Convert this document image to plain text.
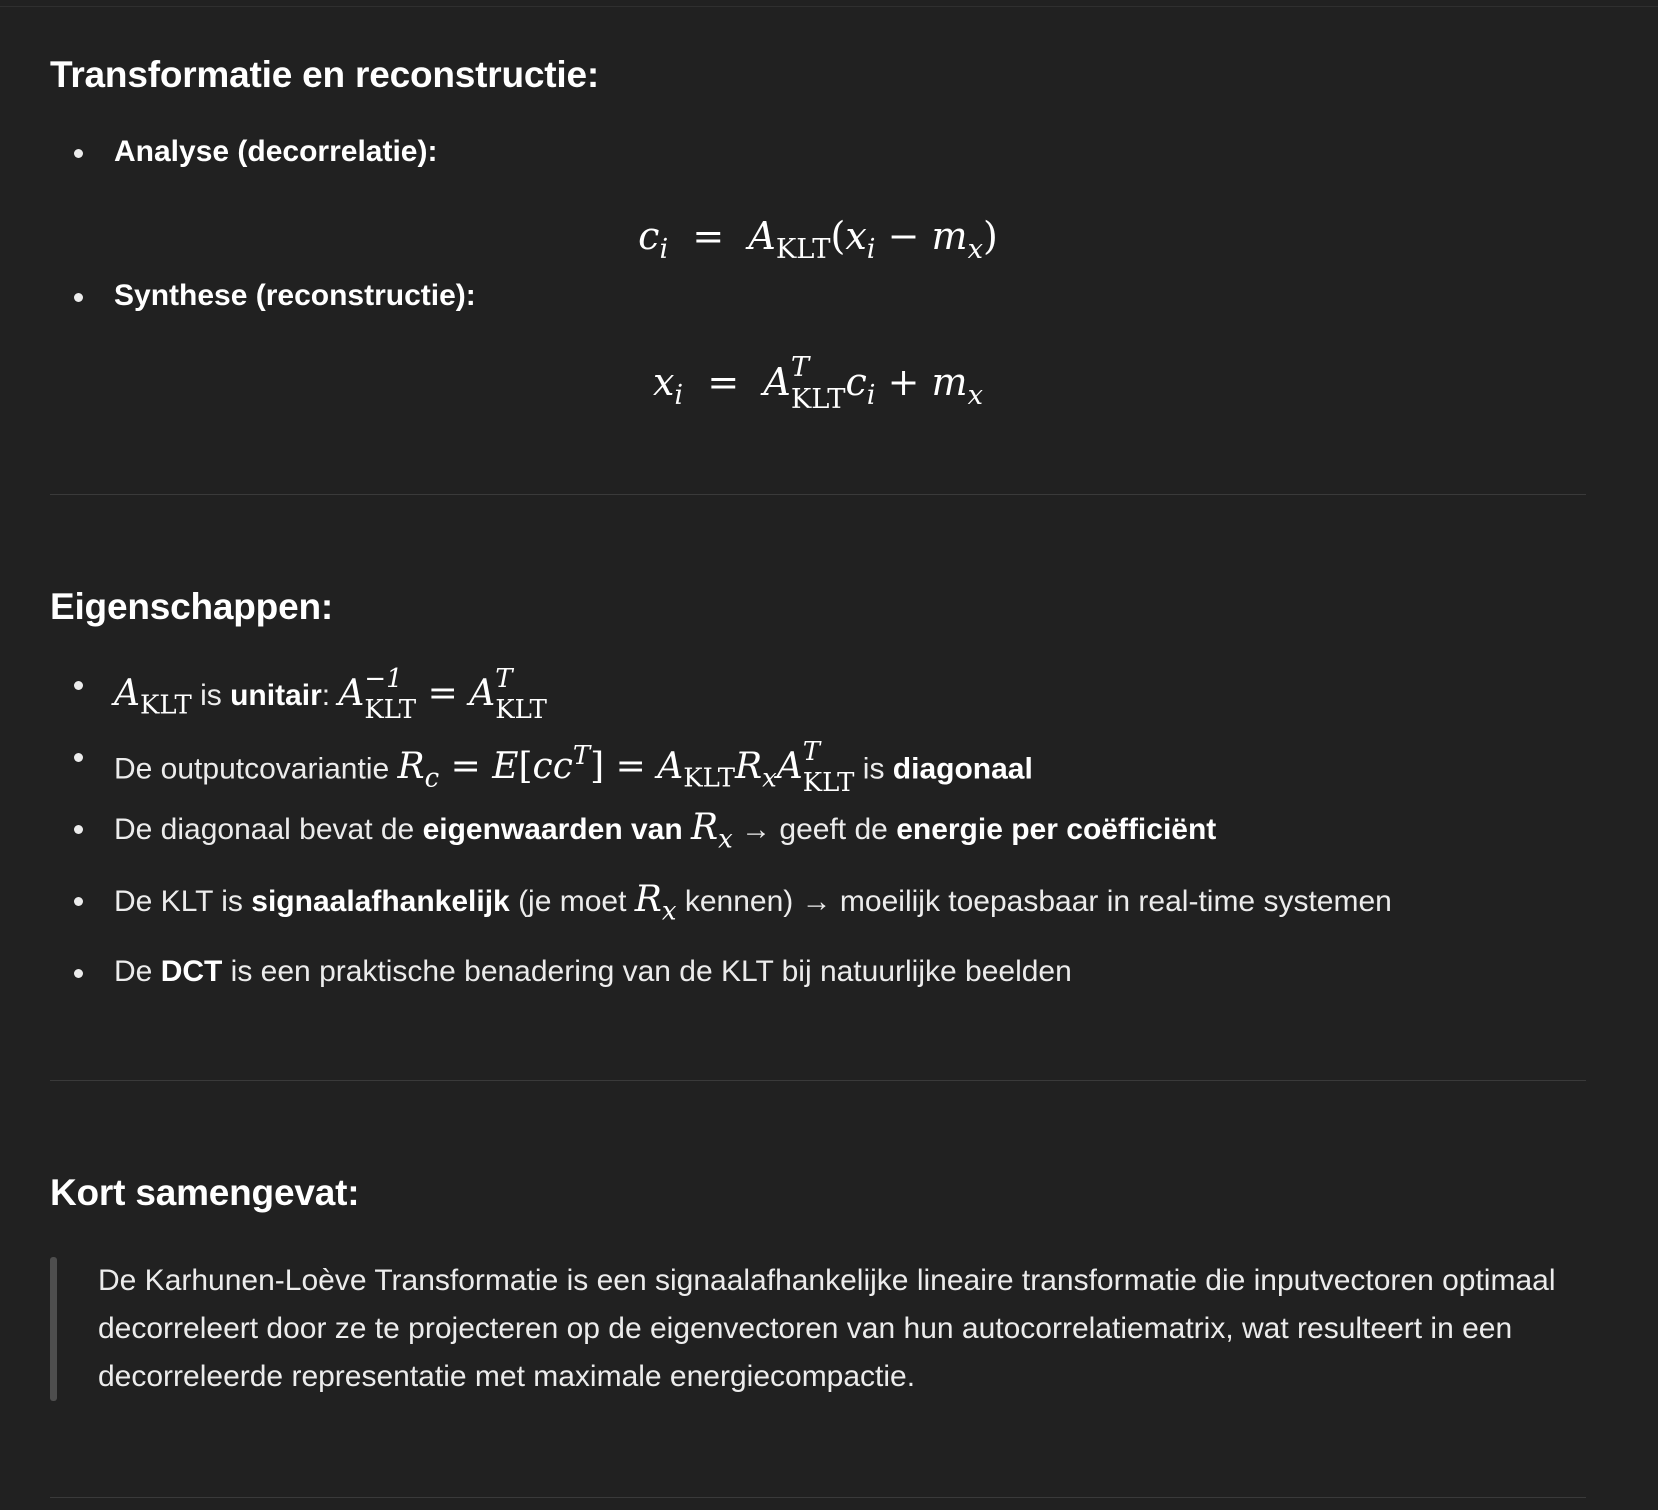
Transformatie en reconstructie:
Analyse (decorrelatie):
$c_i = A_{KLT}(x_i - m_x)$
Synthese (reconstructie):
$x_i = A$ T
KLT $c_i + m_x$
Eigenschappen:
$A_{KLT}$ is unitair: A −1
KLT = A T
KLT
De outputcovariantie $R_c = E[cc^T] = A_{KLT}R_xA$ T
KLT is diagonaal
De diagonaal bevat de eigenwaarden van $R_x$ → geeft de energie per coëfficiënt
De KLT is signaalafhankelijk (je moet $R_x$ kennen) → moeilijk toepasbaar in real-time systemen
De DCT is een praktische benadering van de KLT bij natuurlijke beelden
Kort samengevat:
De Karhunen-Loève Transformatie is een signaalafhankelijke lineaire transformatie die inputvectoren optimaal decorreleert door ze te projecteren op de eigenvectoren van hun autocorrelatiematrix, wat resulteert in een decorreleerde representatie met maximale energiecompactie.
